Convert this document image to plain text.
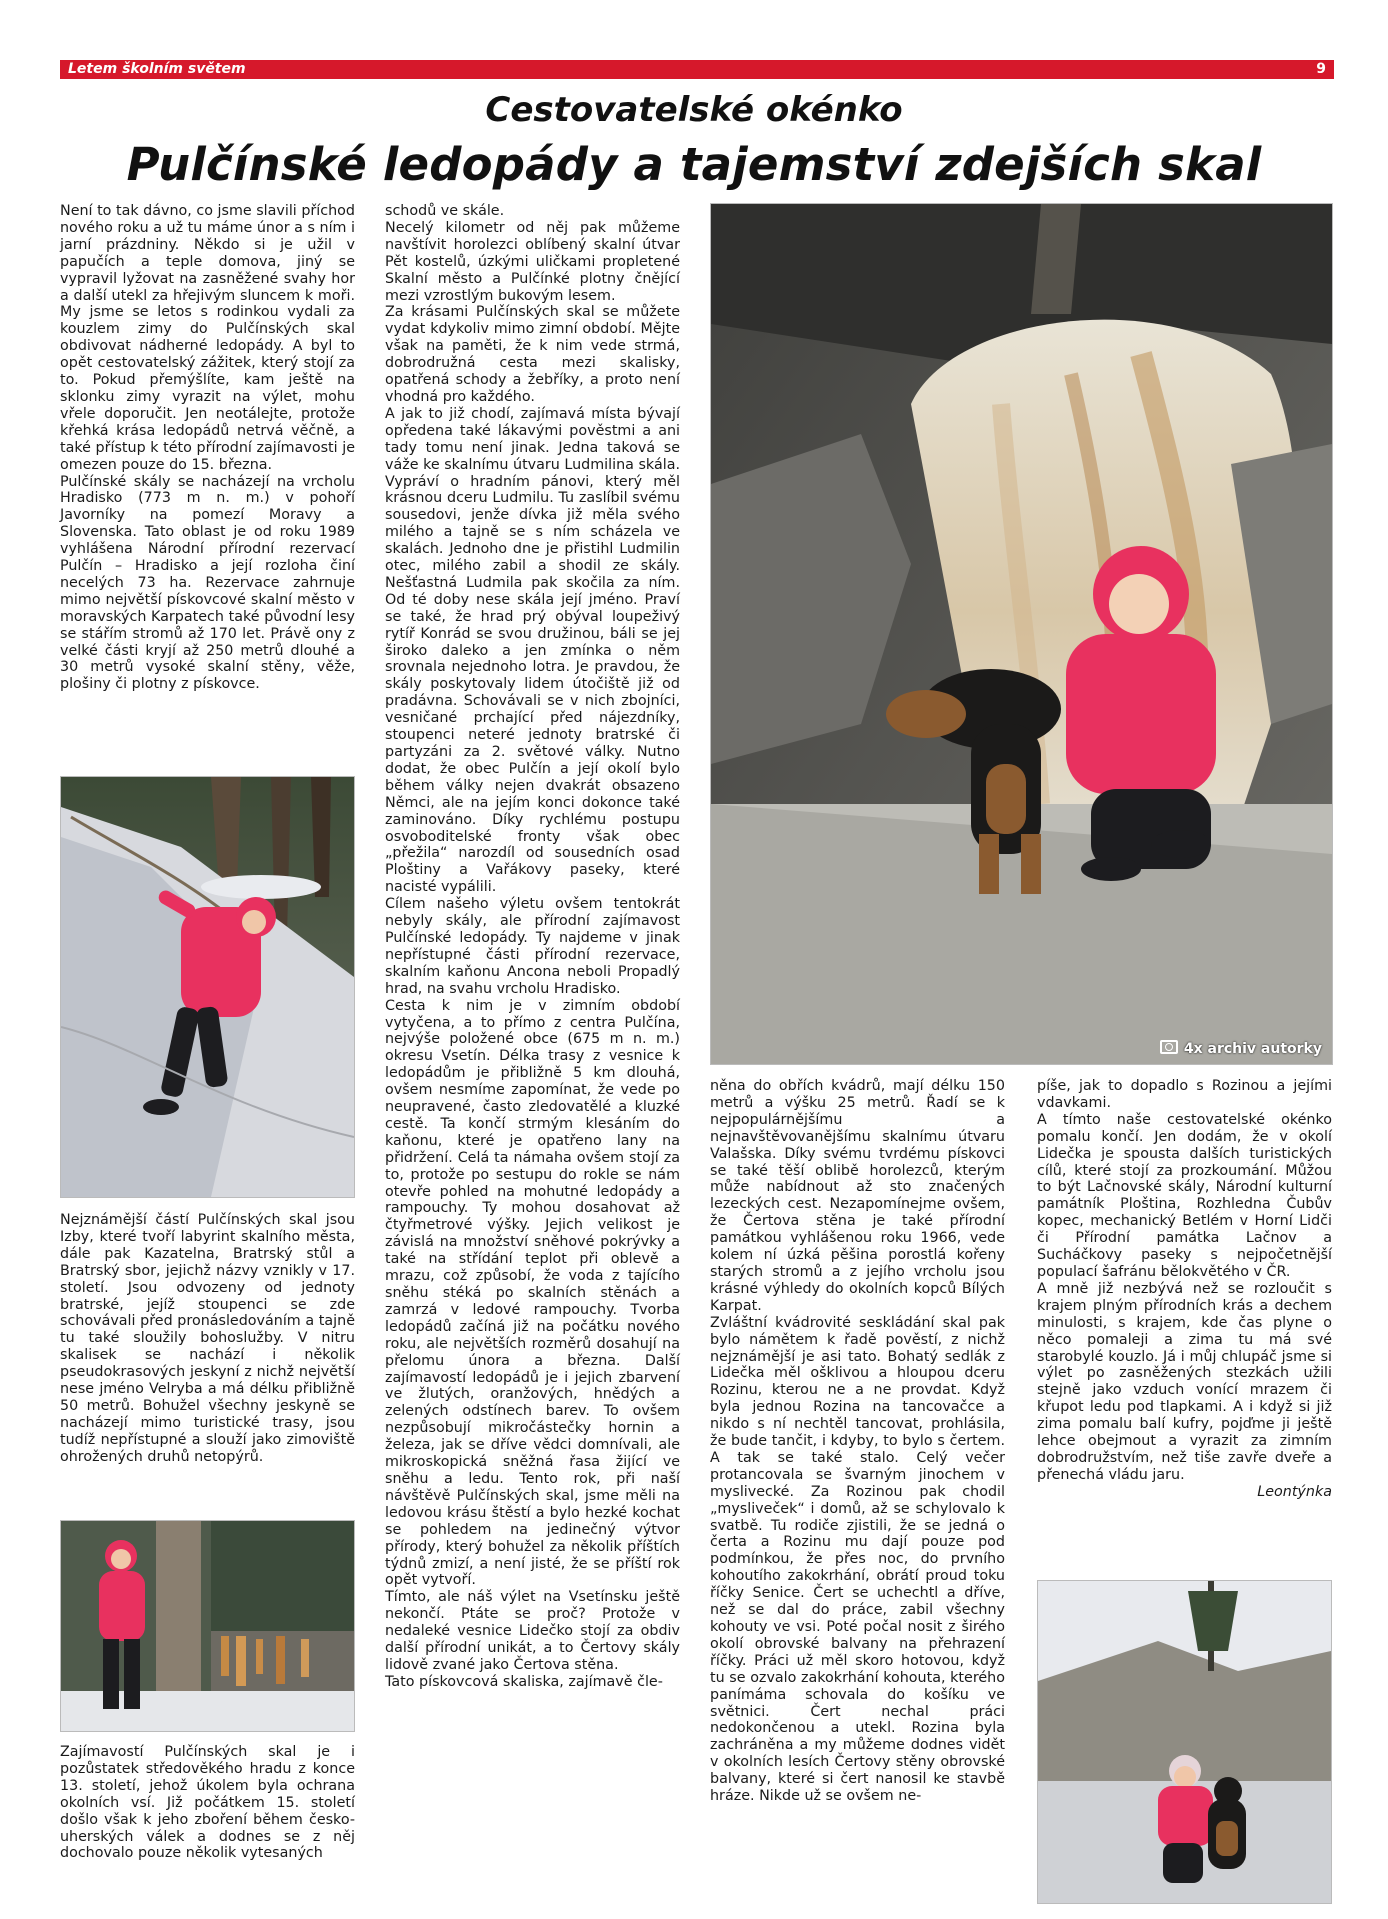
Letem školním světem	9
Cestovatelské okénko
Pulčínské ledopády a tajemství zdejších skal

Není to tak dávno, co jsme slavili příchod nového roku a už tu máme únor a s ním i jarní prázdniny. Někdo si je užil v papučích a teple domova, jiný se vypravil lyžovat na zasněžené svahy hor a další utekl za hřejivým sluncem k moři. My jsme se letos s rodinkou vydali za kouzlem zimy do Pulčínských skal obdivovat nádherné ledopády. A byl to opět cestovatelský zážitek, který stojí za to. Pokud přemýšlíte, kam ještě na sklonku zimy vyrazit na výlet, mohu vřele doporučit. Jen neotálejte, protože křehká krása ledopádů netrvá věčně, a také přístup k této přírodní zajímavosti je omezen pouze do 15. března.

Pulčínské skály se nacházejí na vrcholu Hradisko (773 m n. m.) v pohoří Javorníky na pomezí Moravy a Slovenska. Tato oblast je od roku 1989 vyhlášena Národní přírodní rezervací Pulčín – Hradisko a její rozloha činí necelých 73 ha. Rezervace zahrnuje mimo největší pískovcové skalní město v moravských Karpatech také původní lesy se stářím stromů až 170 let. Právě ony z velké části kryjí až 250 metrů dlouhé a 30 metrů vysoké skalní stěny, věže, plošiny či plotny z pískovce.

Nejznámější částí Pulčínských skal jsou Izby, které tvoří labyrint skalního města, dále pak Kazatelna, Bratrský stůl a Bratrský sbor, jejichž názvy vznikly v 17. století. Jsou odvozeny od jednoty bratrské, jejíž stoupenci se zde schovávali před pronásledováním a tajně tu také sloužily bohoslužby. V nitru skalisek se nachází i několik pseudokrasových jeskyní z nichž největší nese jméno Velryba a má délku přibližně 50 metrů. Bohužel všechny jeskyně se nacházejí mimo turistické trasy, jsou tudíž nepřístupné a slouží jako zimoviště ohrožených druhů netopýrů.

Zajímavostí Pulčínských skal je i pozůstatek středověkého hradu z konce 13. století, jehož úkolem byla ochrana okolních vsí. Již počátkem 15. století došlo však k jeho zboření během česko-uherských válek a dodnes se z něj dochovalo pouze několik vytesaných

schodů ve skále.

Necelý kilometr od něj pak můžeme navštívit horolezci oblíbený skalní útvar Pět kostelů, úzkými uličkami propletené Skalní město a Pulčínké plotny čnějící mezi vzrostlým bukovým lesem.

Za krásami Pulčínských skal se můžete vydat kdykoliv mimo zimní období. Mějte však na paměti, že k nim vede strmá, dobrodružná cesta mezi skalisky, opatřená schody a žebříky, a proto není vhodná pro každého.

A jak to již chodí, zajímavá místa bývají opředena také lákavými pověstmi a ani tady tomu není jinak. Jedna taková se váže ke skalnímu útvaru Ludmilina skála. Vypráví o hradním pánovi, který měl krásnou dceru Ludmilu. Tu zaslíbil svému sousedovi, jenže dívka již měla svého milého a tajně se s ním scházela ve skalách. Jednoho dne je přistihl Ludmilin otec, milého zabil a shodil ze skály. Nešťastná Ludmila pak skočila za ním. Od té doby nese skála její jméno. Praví se také, že hrad prý obýval loupeživý rytíř Konrád se svou družinou, báli se jej široko daleko a jen zmínka o něm srovnala nejednoho lotra. Je pravdou, že skály poskytovaly lidem útočiště již od pradávna. Schovávali se v nich zbojníci, vesničané prchající před nájezdníky, stoupenci neteré jednoty bratrské či partyzáni za 2. světové války. Nutno dodat, že obec Pulčín a její okolí bylo během války nejen dvakrát obsazeno Němci, ale na jejím konci dokonce také zaminováno. Díky rychlému postupu osvoboditelské fronty však obec „přežila“ narozdíl od sousedních osad Ploštiny a Vařákovy paseky, které nacisté vypálili.

Cílem našeho výletu ovšem tentokrát nebyly skály, ale přírodní zajímavost Pulčínské ledopády. Ty najdeme v jinak nepřístupné části přírodní rezervace, skalním kaňonu Ancona neboli Propadlý hrad, na svahu vrcholu Hradisko.

Cesta k nim je v zimním období vytyčena, a to přímo z centra Pulčína, nejvýše položené obce (675 m n. m.) okresu Vsetín. Délka trasy z vesnice k ledopádům je přibližně 5 km dlouhá, ovšem nesmíme zapomínat, že vede po neupravené, často zledovatělé a kluzké cestě. Ta končí strmým klesáním do kaňonu, které je opatřeno lany na přidržení. Celá ta námaha ovšem stojí za to, protože po sestupu do rokle se nám otevře pohled na mohutné ledopády a rampouchy. Ty mohou dosahovat až čtyřmetrové výšky. Jejich velikost je závislá na množství sněhové pokrývky a také na střídání teplot při oblevě a mrazu, což způsobí, že voda z tajícího sněhu stéká po skalních stěnách a zamrzá v ledové rampouchy. Tvorba ledopádů začíná již na počátku nového roku, ale největších rozměrů dosahují na přelomu února a března. Další zajímavostí ledopádů je i jejich zbarvení ve žlutých, oranžových, hnědých a zelených odstínech barev. To ovšem nezpůsobují mikročástečky hornin a železa, jak se dříve vědci domnívali, ale mikroskopická sněžná řasa žijící ve sněhu a ledu. Tento rok, při naší návštěvě Pulčínských skal, jsme měli na ledovou krásu štěstí a bylo hezké kochat se pohledem na jedinečný výtvor přírody, který bohužel za několik příštích týdnů zmizí, a není jisté, že se příští rok opět vytvoří.

Tímto, ale náš výlet na Vsetínsku ještě nekončí. Ptáte se proč? Protože v nedaleké vesnice Lidečko stojí za obdiv další přírodní unikát, a to Čertovy skály lidově zvané jako Čertova stěna.

Tato pískovcová skaliska, zajímavě čle-

4x archiv autorky

něna do obřích kvádrů, mají délku 150 metrů a výšku 25 metrů. Řadí se k nejpopulárnějšímu a nejnavštěvovanějšímu skalnímu útvaru Valašska. Díky svému tvrdému pískovci se také těší oblibě horolezců, kterým může nabídnout až sto značených lezeckých cest. Nezapomínejme ovšem, že Čertova stěna je také přírodní památkou vyhlášenou roku 1966, vede kolem ní úzká pěšina porostlá kořeny starých stromů a z jejího vrcholu jsou krásné výhledy do okolních kopců Bílých Karpat.

Zvláštní kvádrovité seskládání skal pak bylo námětem k řadě pověstí, z nichž nejznámější je asi tato. Bohatý sedlák z Lidečka měl ošklivou a hloupou dceru Rozinu, kterou ne a ne provdat. Když byla jednou Rozina na tancovačce a nikdo s ní nechtěl tancovat, prohlásila, že bude tančit, i kdyby, to bylo s čertem. A tak se také stalo. Celý večer protancovala se švarným jinochem v myslivecké. Za Rozinou pak chodil „mysliveček“ i domů, až se schylovalo k svatbě. Tu rodiče zjistili, že se jedná o čerta a Rozinu mu dají pouze pod podmínkou, že přes noc, do prvního kohoutího zakokrhání, obrátí proud toku říčky Senice. Čert se uchechtl a dříve, než se dal do práce, zabil všechny kohouty ve vsi. Poté počal nosit z širého okolí obrovské balvany na přehrazení říčky. Práci už měl skoro hotovou, když tu se ozvalo zakokrhání kohouta, kterého panímáma schovala do košíku ve světnici. Čert nechal práci nedokončenou a utekl. Rozina byla zachráněna a my můžeme dodnes vidět v okolních lesích Čertovy stěny obrovské balvany, které si čert nanosil ke stavbě hráze. Nikde už se ovšem ne-

píše, jak to dopadlo s Rozinou a jejími vdavkami.

A tímto naše cestovatelské okénko pomalu končí. Jen dodám, že v okolí Lidečka je spousta dalších turistických cílů, které stojí za prozkoumání. Můžou to být Lačnovské skály, Národní kulturní památník Ploština, Rozhledna Čubův kopec, mechanický Betlém v Horní Lidči či Přírodní památka Lačnov a Sucháčkovy paseky s nejpočetnější populací šafránu bělokvětého v ČR.

A mně již nezbývá než se rozloučit s krajem plným přírodních krás a dechem minulosti, s krajem, kde čas plyne o něco pomaleji a zima tu má své starobylé kouzlo. Já i můj chlupáč jsme si výlet po zasněžených stezkách užili stejně jako vzduch vonící mrazem či křupot ledu pod tlapkami. A i když si již zima pomalu balí kufry, pojďme ji ještě lehce obejmout a vyrazit za zimním dobrodružstvím, než tiše zavře dveře a přenechá vládu jaru.

Leontýnka
